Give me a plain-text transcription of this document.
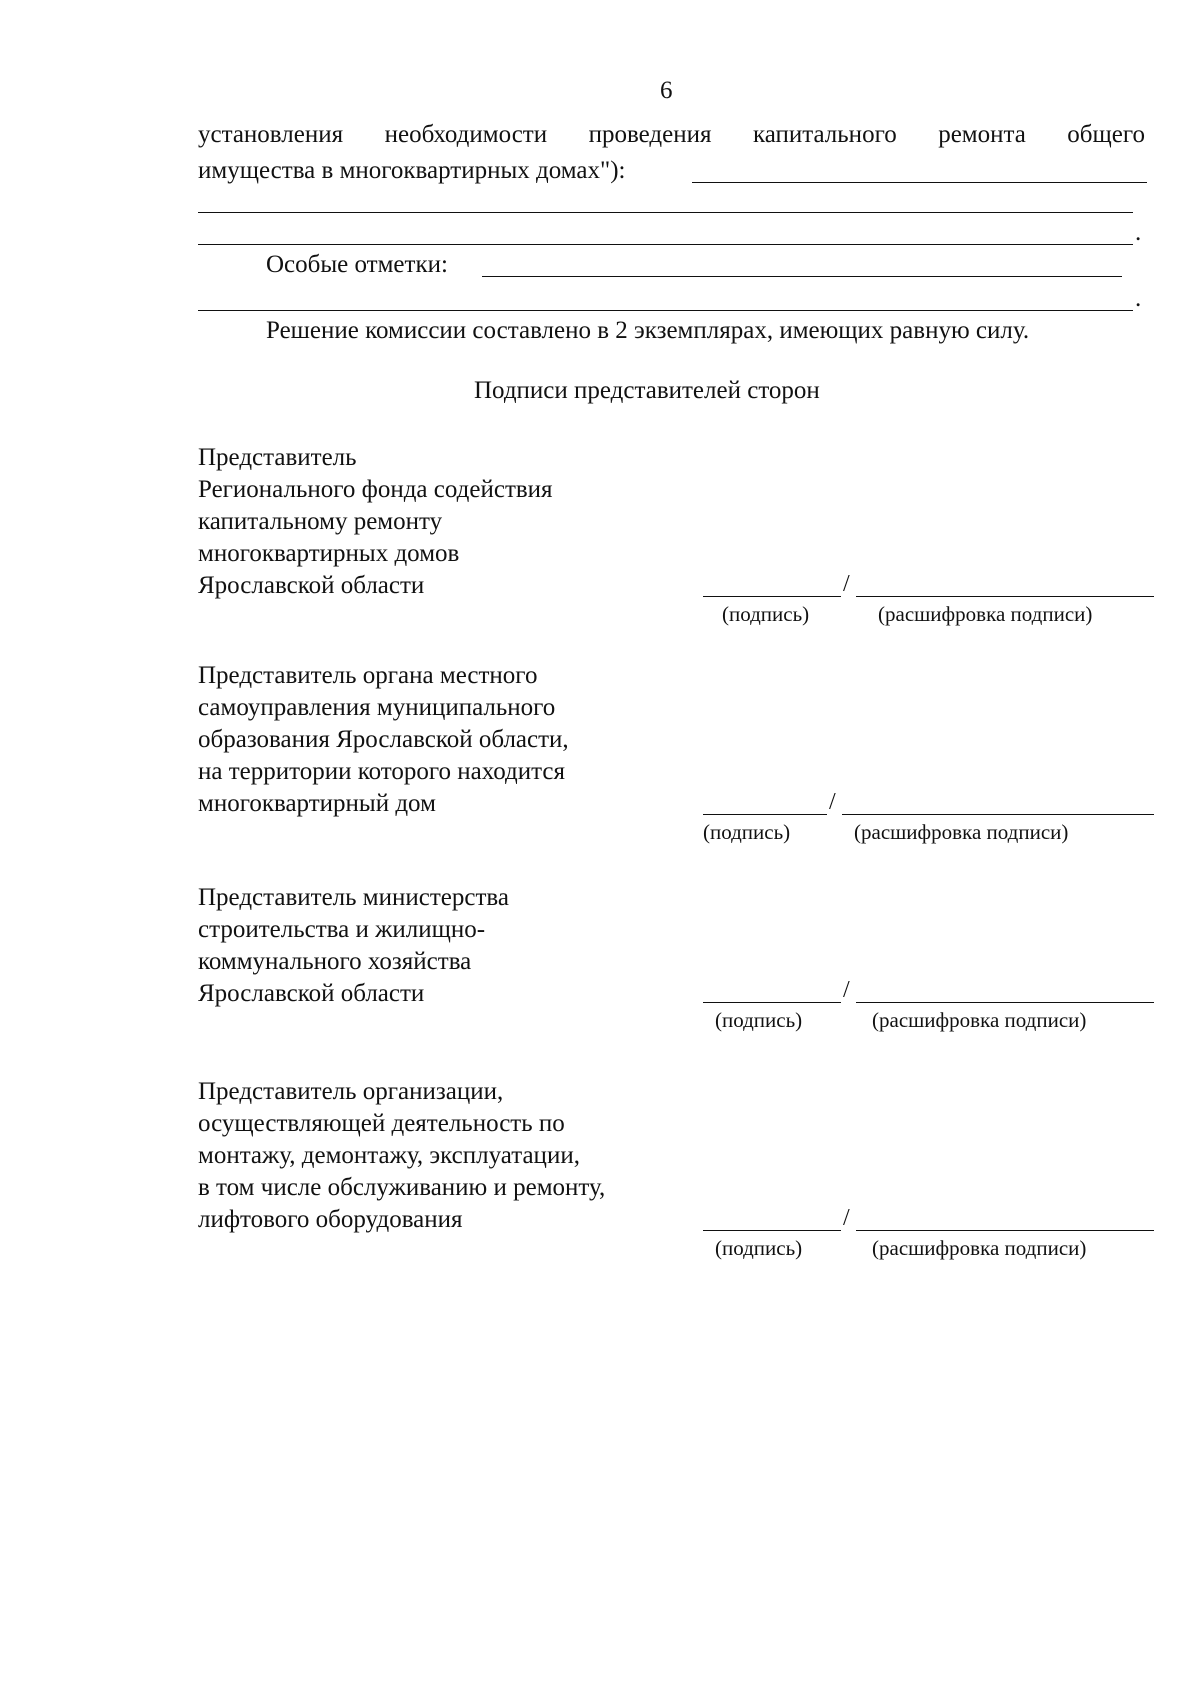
6
установления необходимости проведения капитального ремонта общего
имущества в многоквартирных домах"):
.
Особые отметки:
.
Решение комиссии составлено в 2 экземплярах, имеющих равную силу.
Подписи представителей сторон
Представитель
Регионального фонда содействия
капитальному ремонту
многоквартирных домов
Ярославской области	/
(подпись)	(расшифровка подписи)
Представитель органа местного
самоуправления муниципального
образования Ярославской области,
на территории которого находится
многоквартирный дом	/
(подпись)	(расшифровка подписи)
Представитель министерства
строительства и жилищно-
коммунального хозяйства
Ярославской области	/
(подпись)	(расшифровка подписи)
Представитель организации,
осуществляющей деятельность по
монтажу, демонтажу, эксплуатации,
в том числе обслуживанию и ремонту,
лифтового оборудования	/
(подпись)	(расшифровка подписи)
